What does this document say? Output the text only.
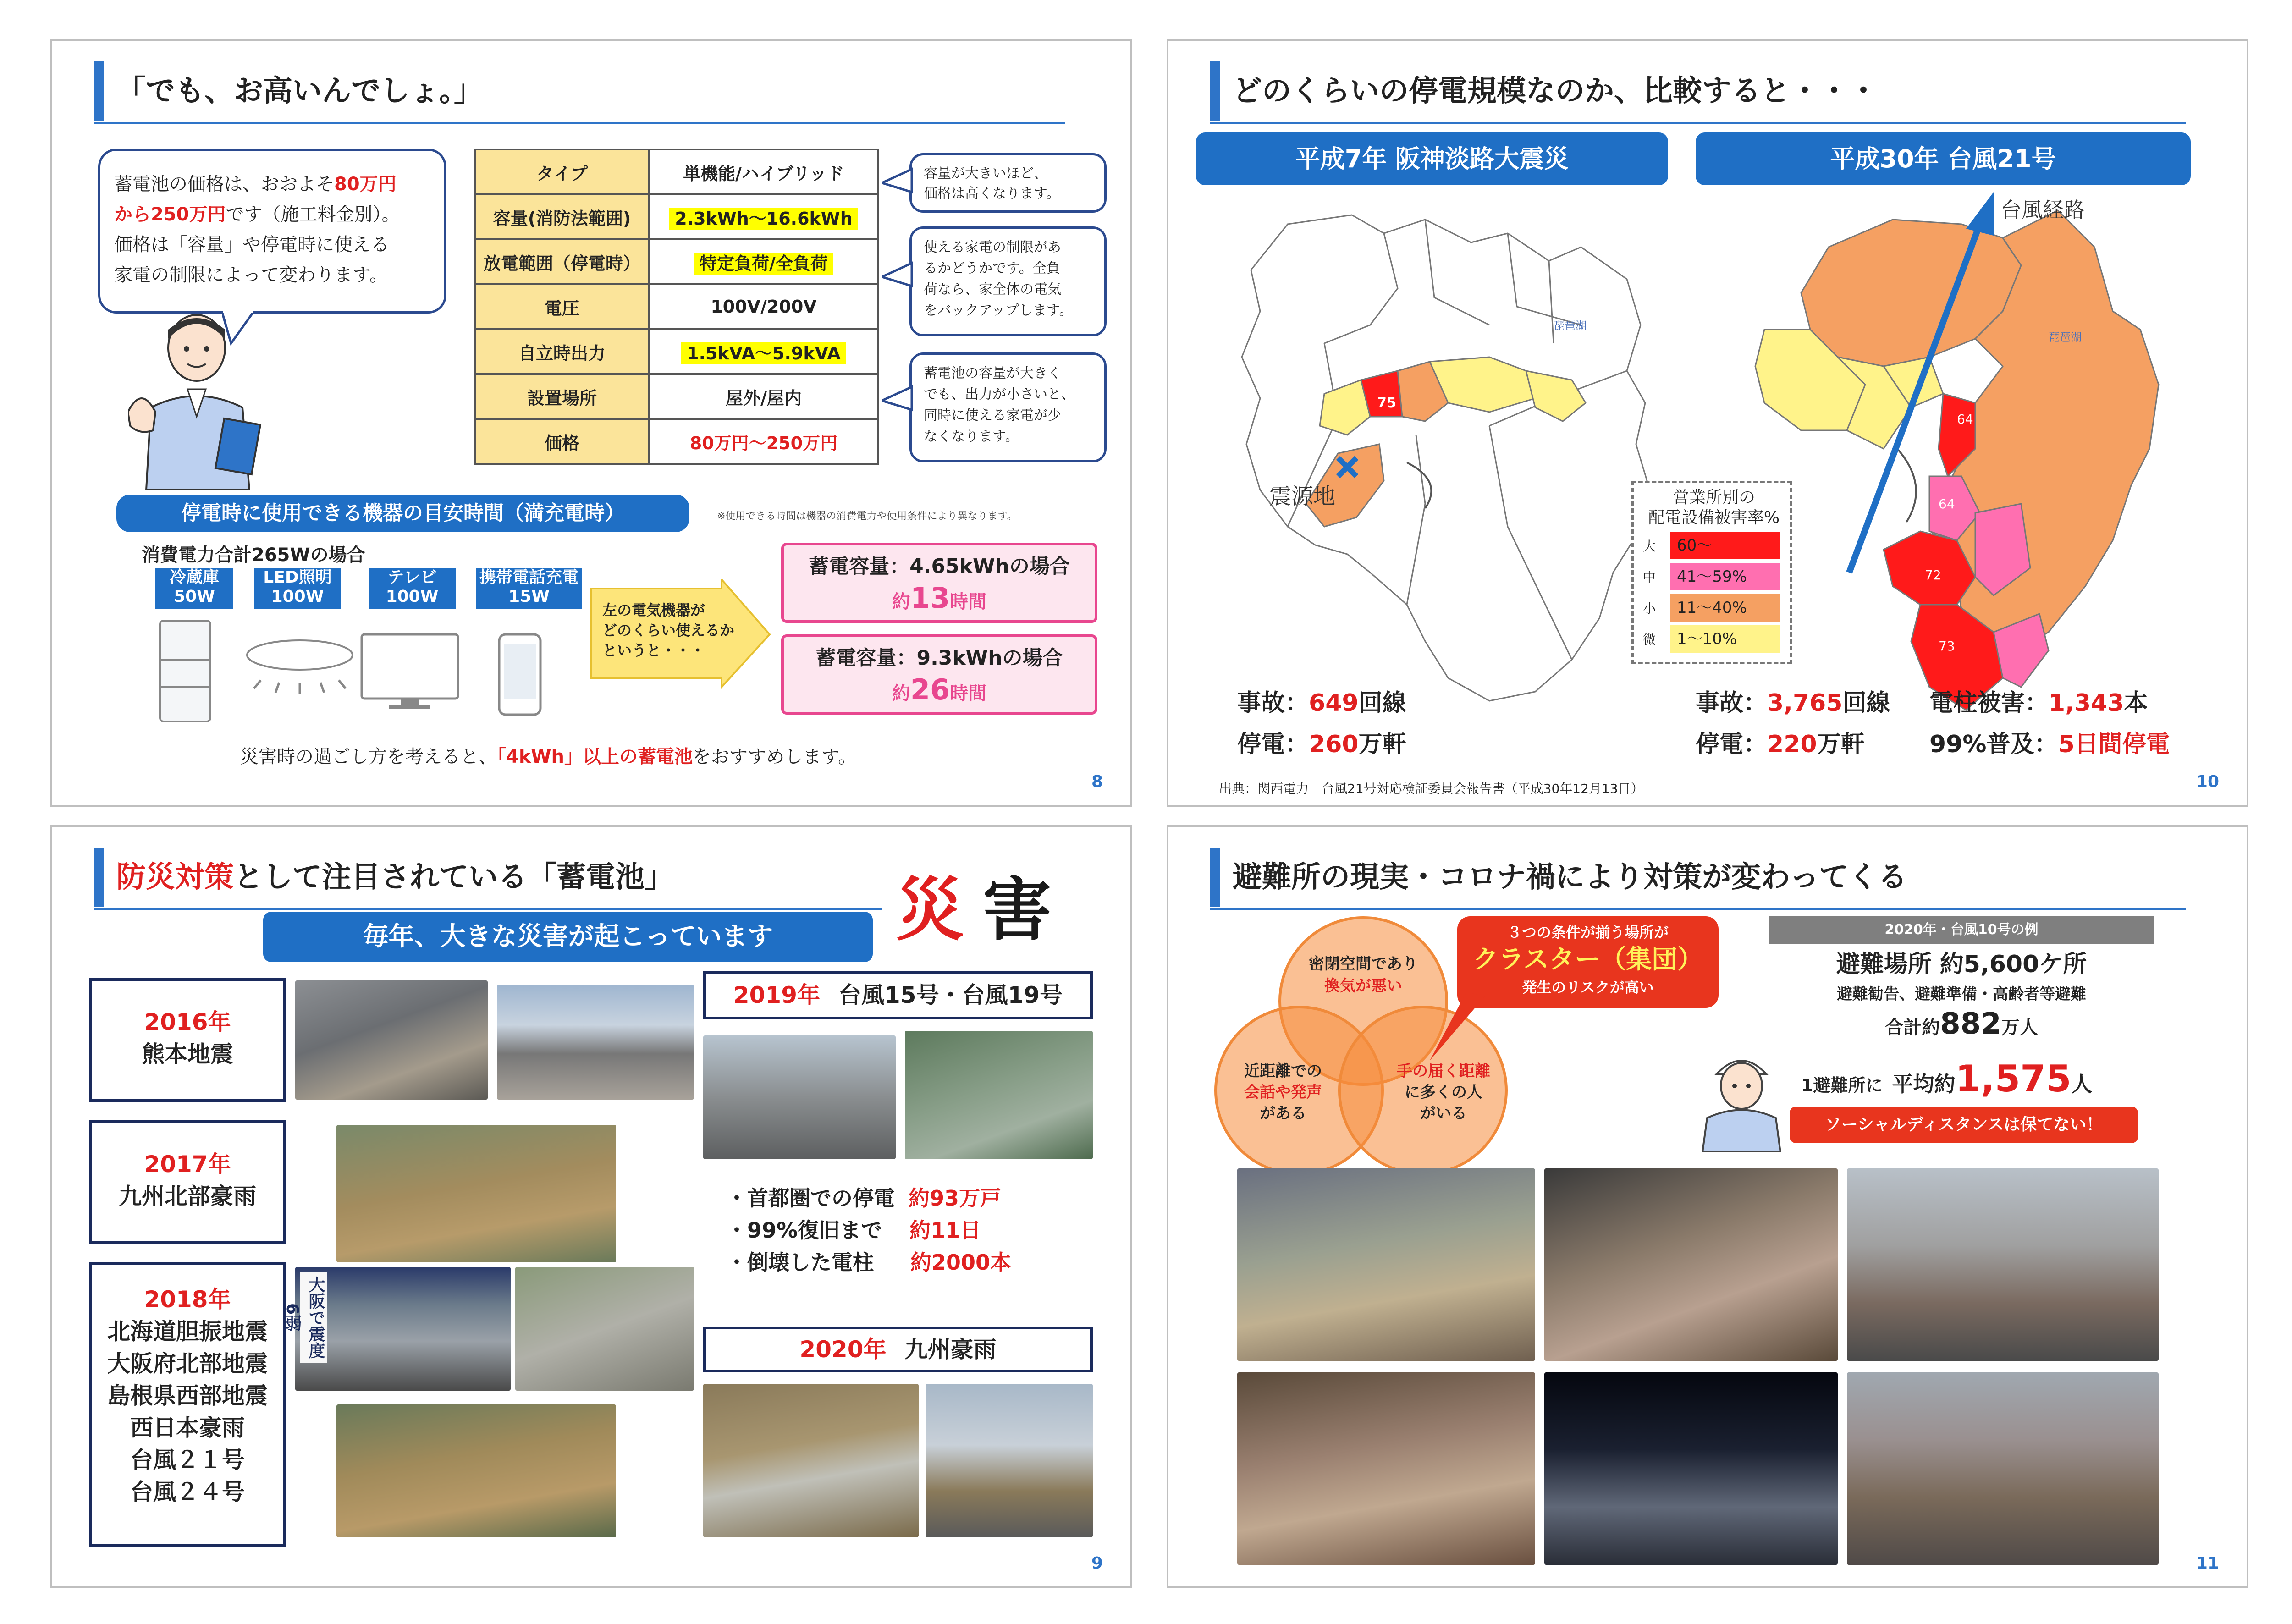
「でも、お高いんでしょ。」
蓄電池の価格は、おおよそ80万円
から250万円です（施工料金別）。
価格は「容量」や停電時に使える
家電の制限によって変わります。
タイプ	単機能/ハイブリッド
容量(消防法範囲)	2.3kWh～16.6kWh
放電範囲（停電時）	特定負荷/全負荷
電圧	100V/200V
自立時出力	1.5kVA～5.9kVA
設置場所	屋外/屋内
価格	80万円～250万円
容量が大きいほど、
価格は高くなります。
使える家電の制限があ
るかどうかです。全負
荷なら、家全体の電気
をバックアップします。
蓄電池の容量が大きく
でも、出力が小さいと、
同時に使える家電が少
なくなります。
停電時に使用できる機器の目安時間（満充電時）	※使用できる時間は機器の消費電力や使用条件により異なります。
消費電力合計265Wの場合
冷蔵庫
50W
LED照明
100W
テレビ
100W
携帯電話充電
15W
左の電気機器が
どのくらい使えるか
というと・・・
蓄電容量：4.65kWhの場合
約13時間
蓄電容量：9.3kWhの場合
約26時間
災害時の過ごし方を考えると、「4kWh」以上の蓄電池をおすすめします。
8
どのくらいの停電規模なのか、比較すると・・・
平成7年 阪神淡路大震災	平成30年 台風21号
75
琵琶湖
震源地	営業所別の
配電設備被害率%
大	60～
中	41～59%
小	11～40%
微	1～10%
64
64
72
73
琵琶湖
台風経路
事故：649回線
停電：260万軒
事故：3,765回線
停電：220万軒
電柱被害：1,343本
99%普及：5日間停電
出典：関西電力　台風21号対応検証委員会報告書（平成30年12月13日）	10
防災対策として注目されている「蓄電池」	災 害
毎年、大きな災害が起こっています
2016年
熊本地震
2017年
九州北部豪雨
2018年
北海道胆振地震
大阪府北部地震
島根県西部地震
西日本豪雨
台風２１号
台風２４号
大阪で震度6弱
2019年 台風15号・台風19号
・首都圏での停電 約93万戸
・99%復旧まで 約11日
・倒壊した電柱 約2000本
2020年 九州豪雨
9
避難所の現実・コロナ禍により対策が変わってくる
密閉空間であり
換気が悪い
近距離での
会話や発声
がある
手の届く距離
に多くの人
がいる
３つの条件が揃う場所が
クラスター（集団）
発生のリスクが高い
2020年・台風10号の例
避難場所 約5,600ケ所
避難勧告、避難準備・高齢者等避難
合計約882万人
1避難所に 平均約1,575人
ソーシャルディスタンスは保てない！
11
